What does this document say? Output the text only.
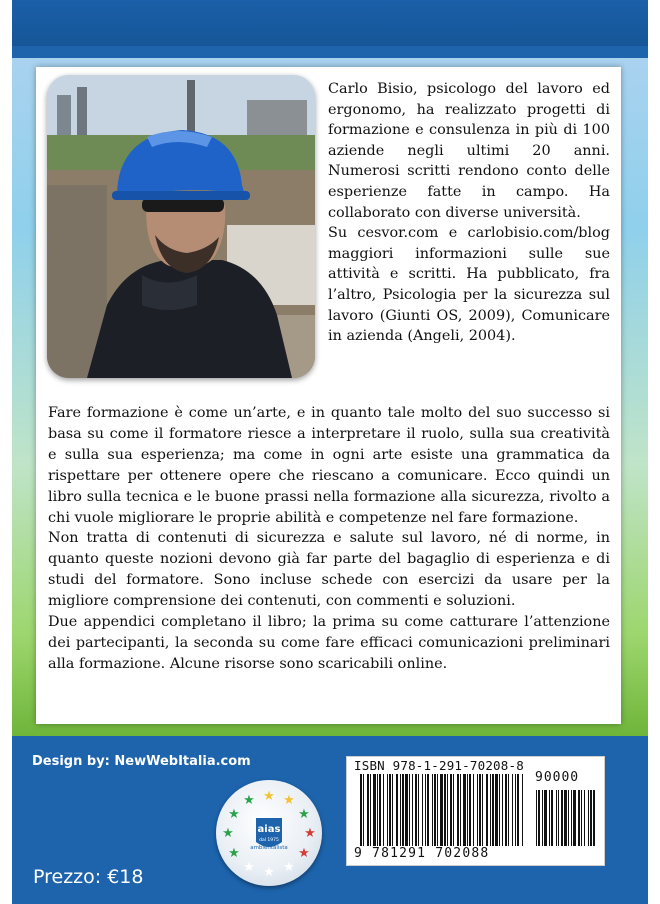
Carlo Bisio, psicologo del lavoro ed ergonomo, ha realizzato progetti di formazione e consulenza in più di 100 aziende negli ultimi 20 anni. Numerosi scritti rendono conto delle esperienze fatte in campo. Ha collaborato con diverse università.

Su cesvor.com e carlobisio.com/blog maggiori informazioni sulle sue attività e scritti. Ha pubblicato, fra l’altro, Psicologia per la sicurezza sul lavoro (Giunti OS, 2009), Comunicare in azienda (Angeli, 2004).

Fare formazione è come un’arte, e in quanto tale molto del suo successo si basa su come il formatore riesce a interpretare il ruolo, sulla sua creatività e sulla sua esperienza; ma come in ogni arte esiste una grammatica da rispettare per ottenere opere che riescano a comunicare. Ecco quindi un libro sulla tecnica e le buone prassi nella formazione alla sicurezza, rivolto a chi vuole migliorare le proprie abilità e competenze nel fare formazione.

Non tratta di contenuti di sicurezza e salute sul lavoro, né di norme, in quanto queste nozioni devono già far parte del bagaglio di esperienza e di studi del formatore. Sono incluse schede con esercizi da usare per la migliore comprensione dei contenuti, con commenti e soluzioni.

Due appendici completano il libro; la prima su come catturare l’attenzione dei partecipanti, la seconda su come fare efficaci comunicazioni preliminari alla formazione. Alcune risorse sono scaricabili online.

Design by: NewWebItalia.com
★ ★
★
★
★
★
★
★
★
★
★ ★
aias
dal 1975
ambientalista
Prezzo: €18
ISBN 978-1-291-70208-8
90000
9 781291 702088
